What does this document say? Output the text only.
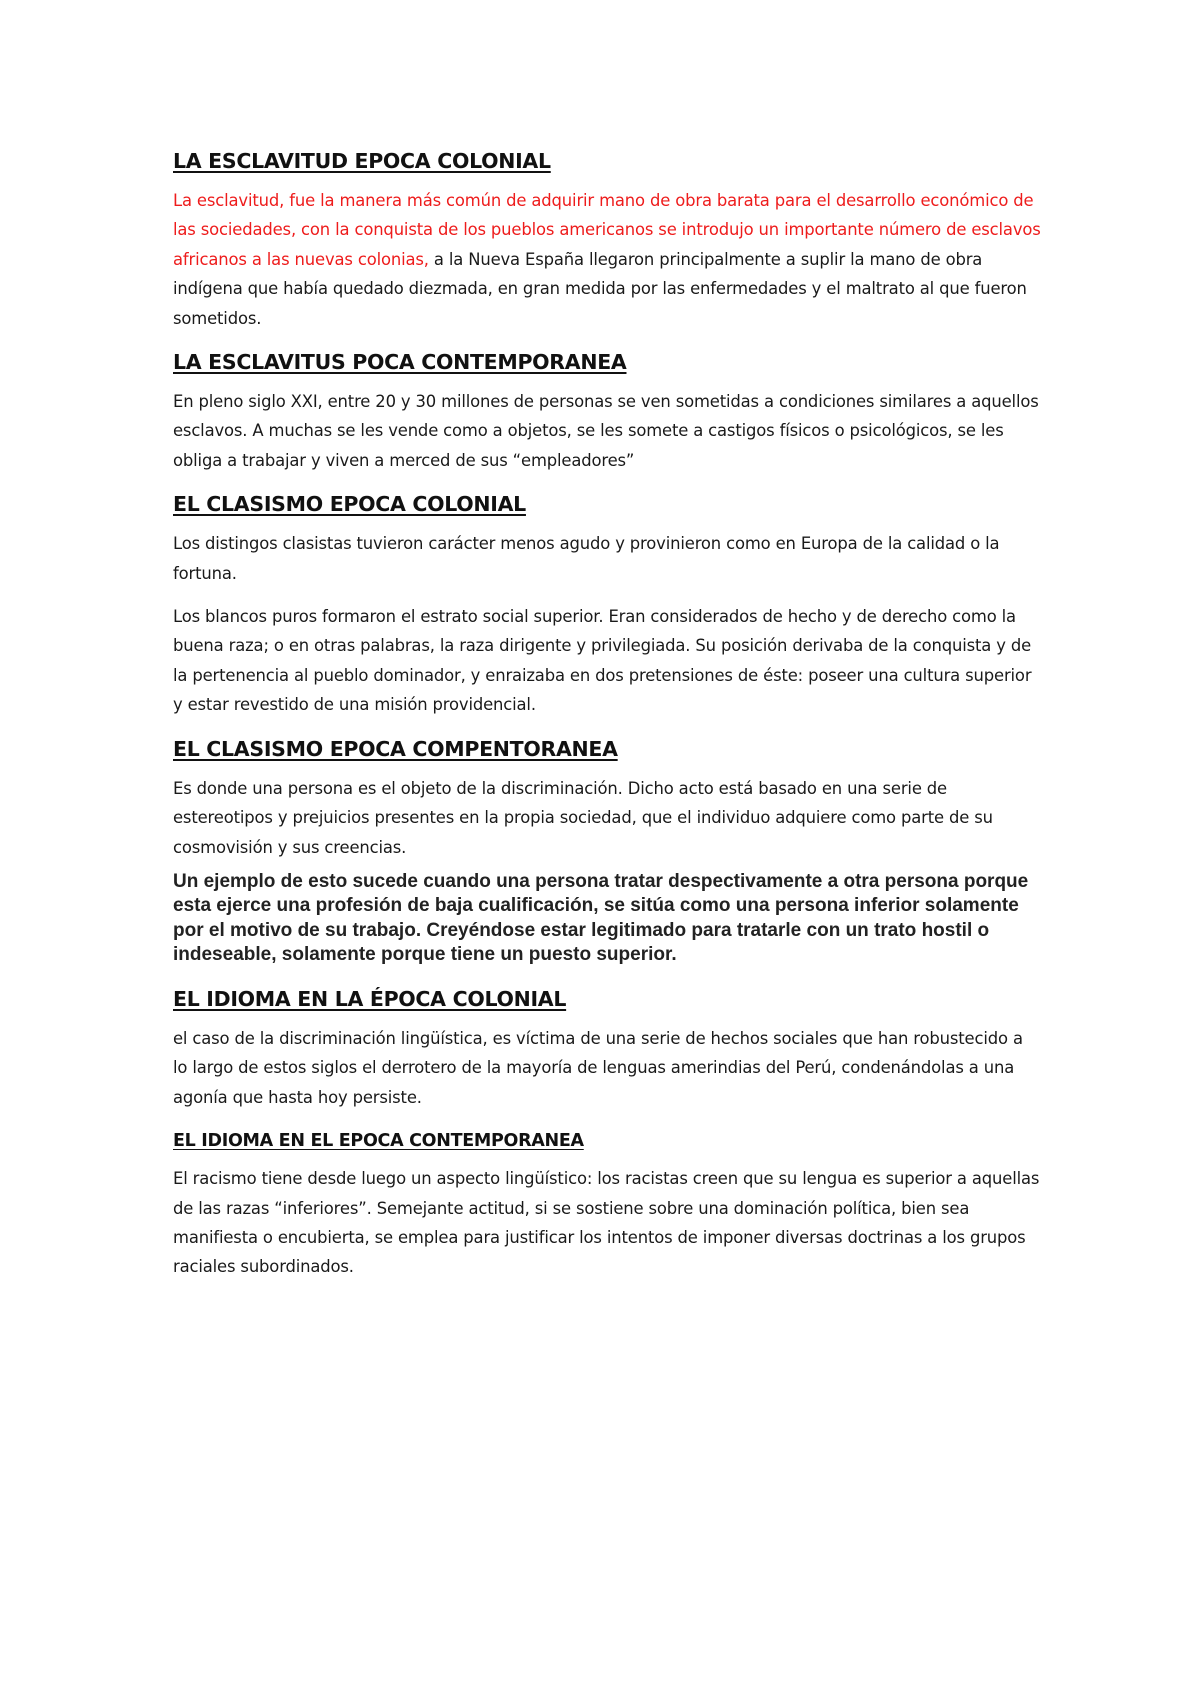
LA ESCLAVITUD EPOCA COLONIAL

La esclavitud, fue la manera más común de adquirir mano de obra barata para el desarrollo económico de las sociedades, con la conquista de los pueblos americanos se introdujo un importante número de esclavos africanos a las nuevas colonias, a la Nueva España llegaron principalmente a suplir la mano de obra indígena que había quedado diezmada, en gran medida por las enfermedades y el maltrato al que fueron sometidos.

LA ESCLAVITUS POCA CONTEMPORANEA

En pleno siglo XXI, entre 20 y 30 millones de personas se ven sometidas a condiciones similares a aquellos esclavos. A muchas se les vende como a objetos, se les somete a castigos físicos o psicológicos, se les obliga a trabajar y viven a merced de sus “empleadores”

EL CLASISMO EPOCA COLONIAL

Los distingos clasistas tuvieron carácter menos agudo y provinieron como en Europa de la calidad o la fortuna.

Los blancos puros formaron el estrato social superior. Eran considerados de hecho y de derecho como la buena raza; o en otras palabras, la raza dirigente y privilegiada. Su posición derivaba de la conquista y de la pertenencia al pueblo dominador, y enraizaba en dos pretensiones de éste: poseer una cultura superior y estar revestido de una misión providencial.

EL CLASISMO EPOCA COMPENTORANEA

Es donde una persona es el objeto de la discriminación. Dicho acto está basado en una serie de estereotipos y prejuicios presentes en la propia sociedad, que el individuo adquiere como parte de su cosmovisión y sus creencias.

Un ejemplo de esto sucede cuando una persona tratar despectivamente a otra persona porque esta ejerce una profesión de baja cualificación, se sitúa como una persona inferior solamente por el motivo de su trabajo. Creyéndose estar legitimado para tratarle con un trato hostil o indeseable, solamente porque tiene un puesto superior.

EL IDIOMA EN LA ÉPOCA COLONIAL

el caso de la discriminación lingüística, es víctima de una serie de hechos sociales que han robustecido a lo largo de estos siglos el derrotero de la mayoría de lenguas amerindias del Perú, condenándolas a una agonía que hasta hoy persiste.

EL IDIOMA EN EL EPOCA CONTEMPORANEA

El racismo tiene desde luego un aspecto lingüístico: los racistas creen que su lengua es superior a aquellas de las razas “inferiores”. Semejante actitud, si se sostiene sobre una dominación política, bien sea manifiesta o encubierta, se emplea para justificar los intentos de imponer diversas doctrinas a los grupos raciales subordinados.
